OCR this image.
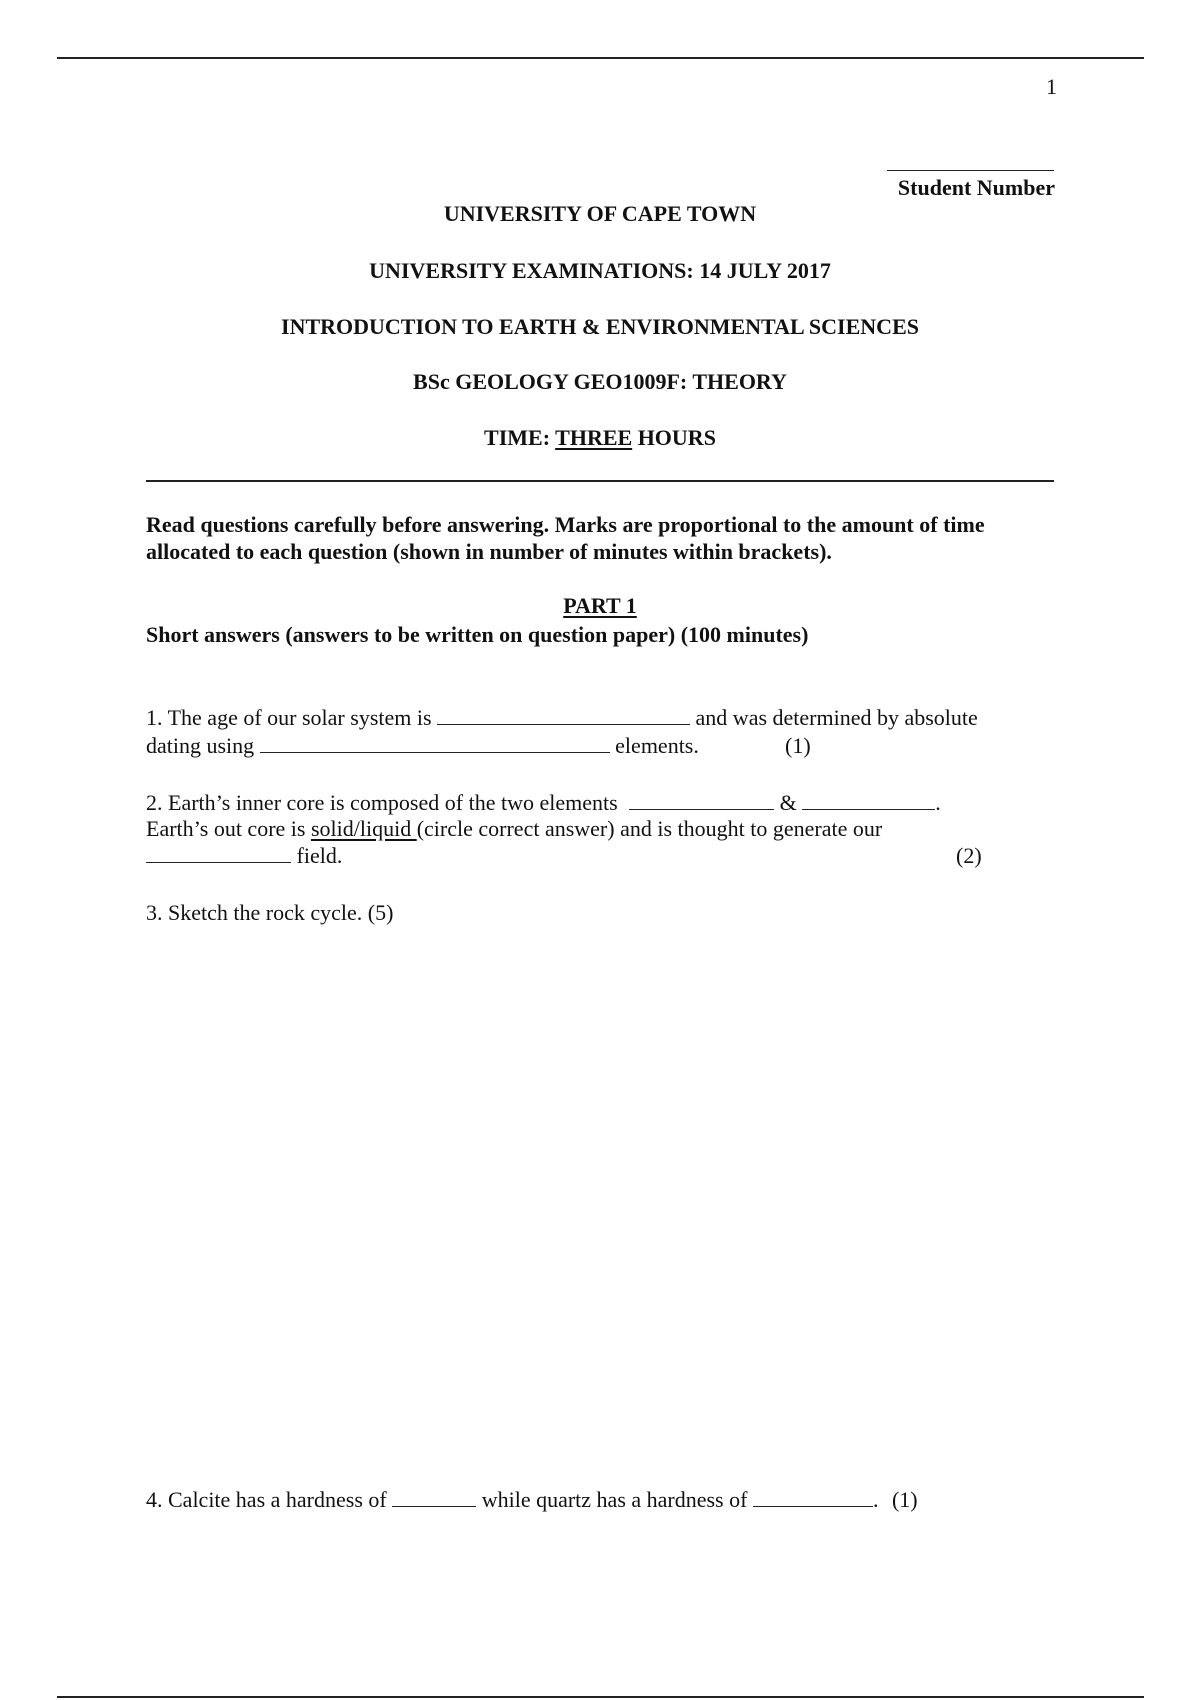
1
Student Number
UNIVERSITY OF CAPE TOWN
UNIVERSITY EXAMINATIONS: 14 JULY 2017
INTRODUCTION TO EARTH & ENVIRONMENTAL SCIENCES
BSc GEOLOGY GEO1009F: THEORY
TIME: THREE HOURS
Read questions carefully before answering. Marks are proportional to the amount of time allocated to each question (shown in number of minutes within brackets).
PART 1
Short answers (answers to be written on question paper) (100 minutes)
1. The age of our solar system is	and was determined by absolute
dating using	elements.	(1)
2. Earth’s inner core is composed of the two elements	&	.
Earth’s out core is solid/liquid (circle correct answer) and is thought to generate our
field.	(2)
3. Sketch the rock cycle. (5)
4. Calcite has a hardness of	while quartz has a hardness of	. (1)
